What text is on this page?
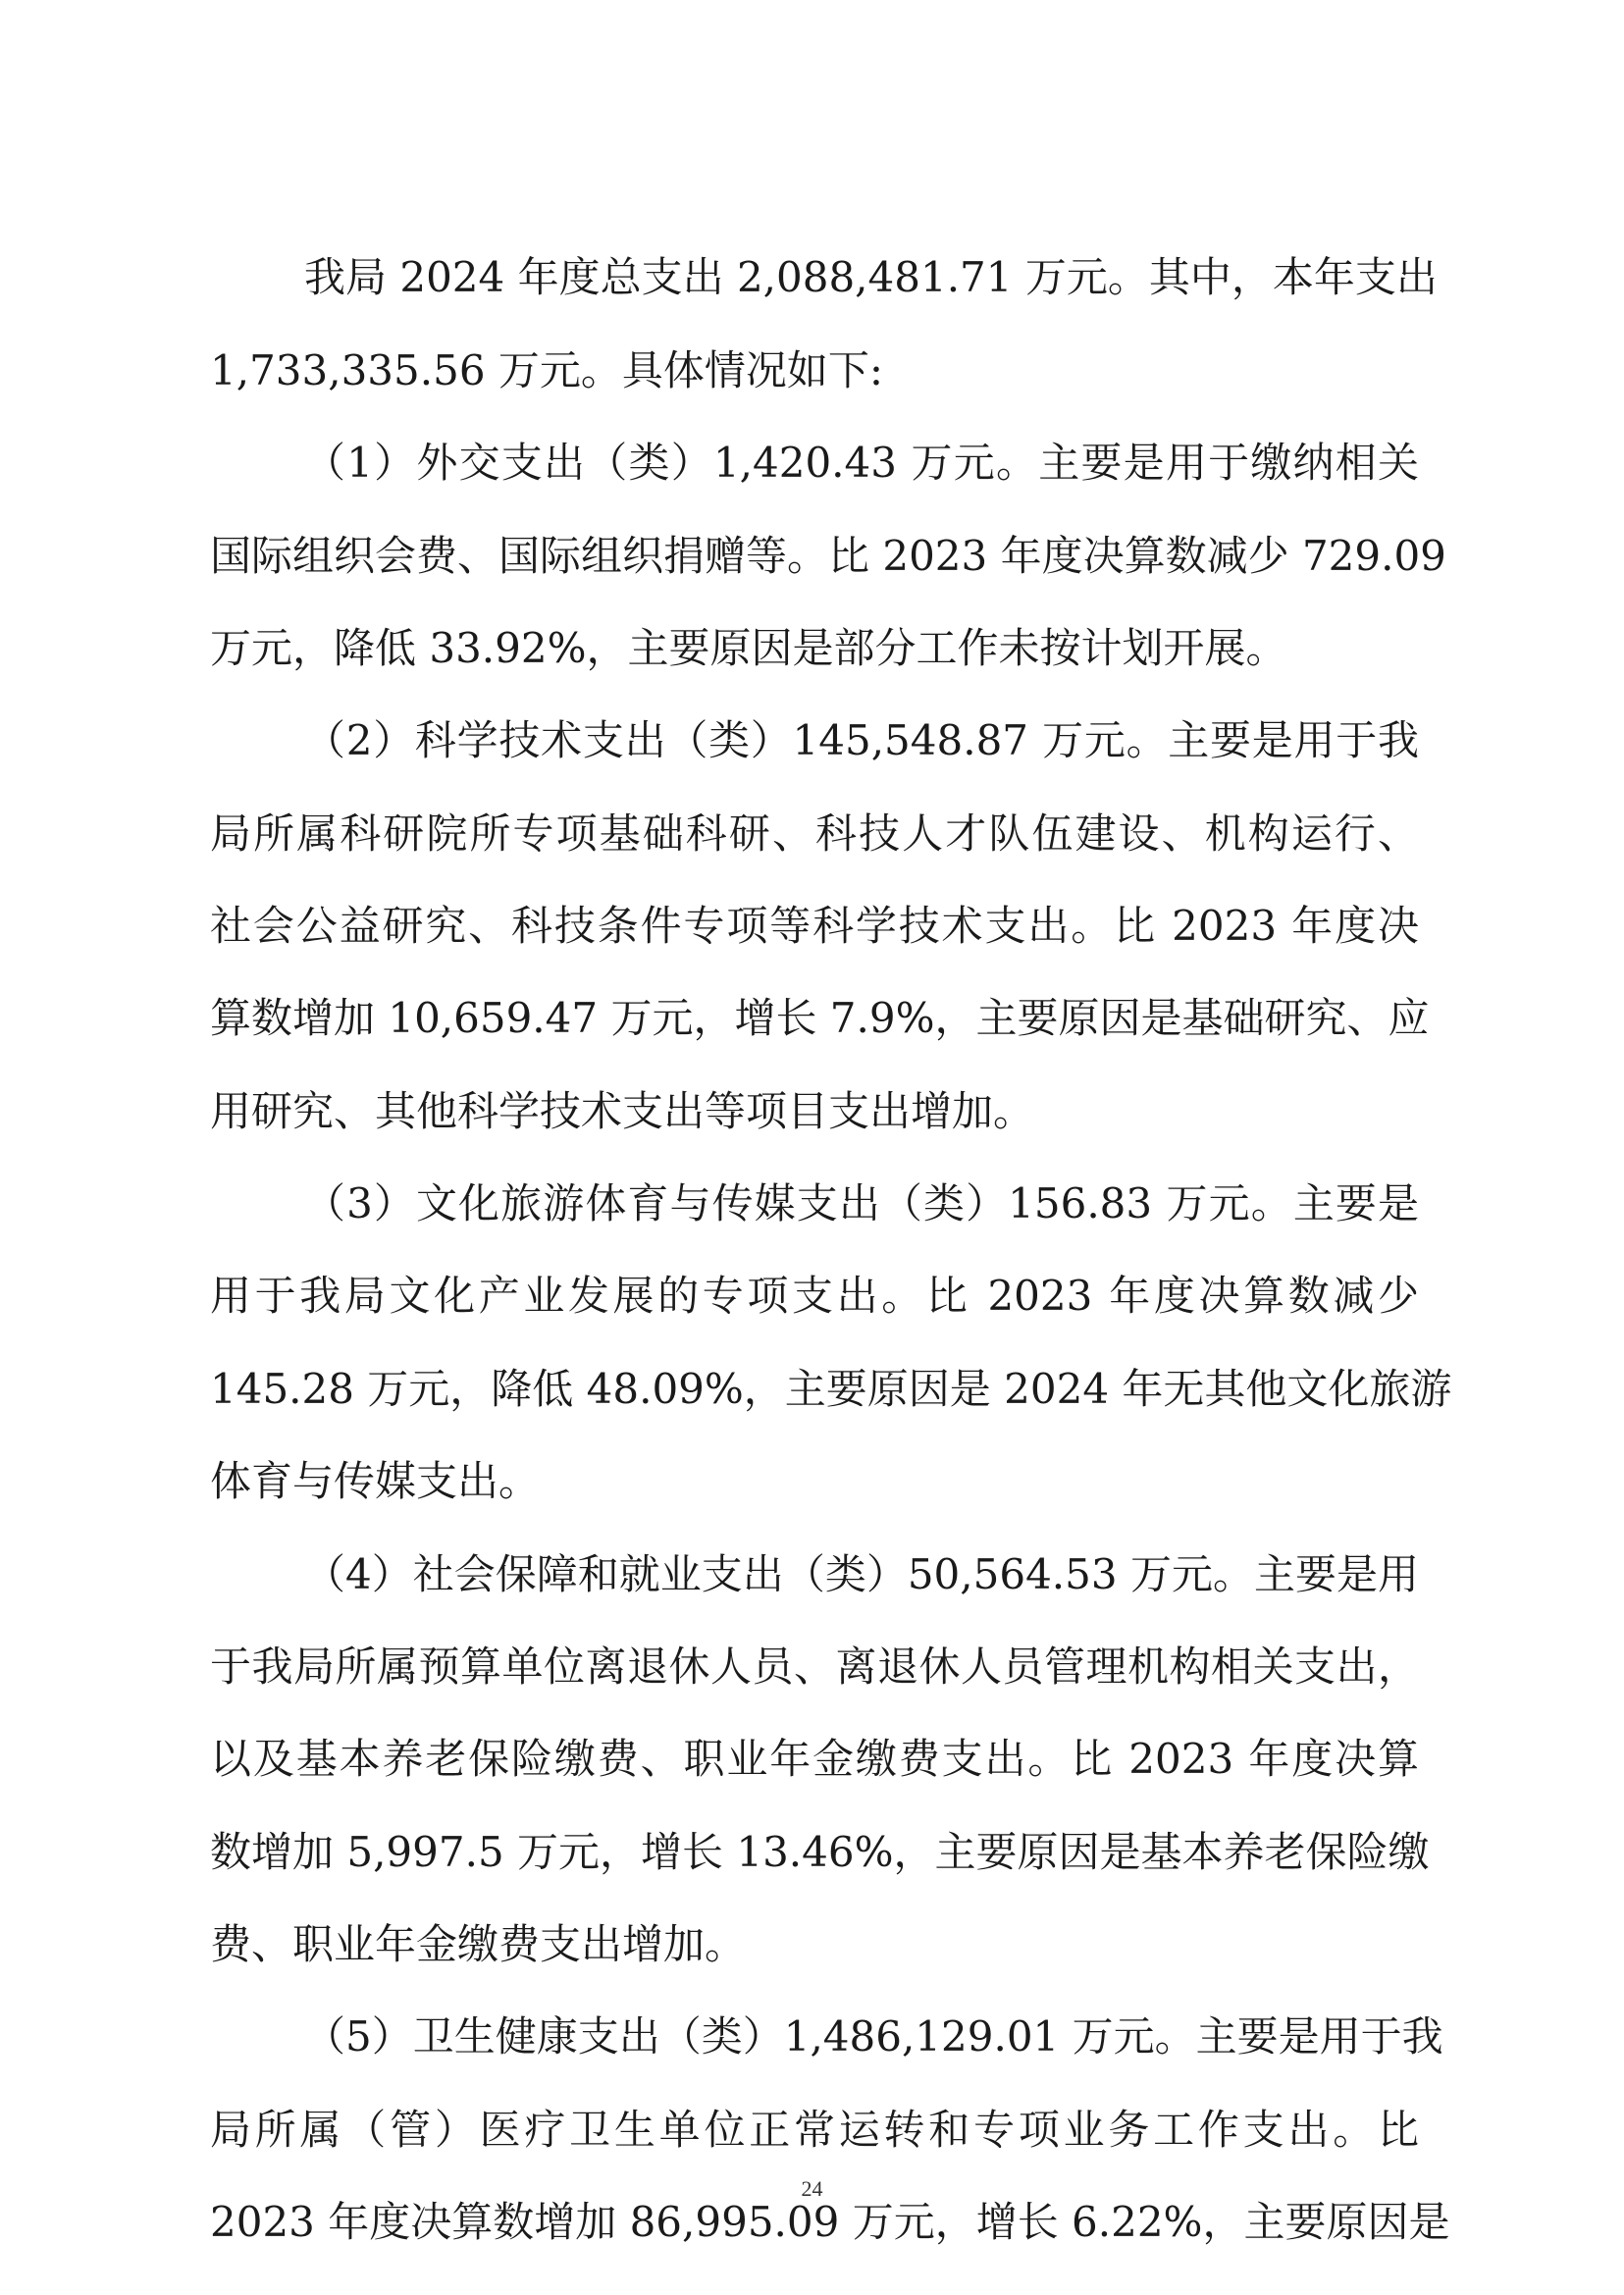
我局 2024 年度总支出 2,088,481.71 万元。其中，本年支出
1,733,335.56 万元。具体情况如下:
（1）外交支出（类）1,420.43 万元。主要是用于缴纳相关
国际组织会费、国际组织捐赠等。比 2023 年度决算数减少 729.09
万元，降低 33.92%，主要原因是部分工作未按计划开展。
（2）科学技术支出（类）145,548.87 万元。主要是用于我
局所属科研院所专项基础科研、科技人才队伍建设、机构运行、
社会公益研究、科技条件专项等科学技术支出。比 2023 年度决
算数增加 10,659.47 万元，增长 7.9%，主要原因是基础研究、应
用研究、其他科学技术支出等项目支出增加。
（3）文化旅游体育与传媒支出（类）156.83 万元。主要是
用于我局文化产业发展的专项支出。比 2023 年度决算数减少
145.28 万元，降低 48.09%，主要原因是 2024 年无其他文化旅游
体育与传媒支出。
（4）社会保障和就业支出（类）50,564.53 万元。主要是用
于我局所属预算单位离退休人员、离退休人员管理机构相关支出，
以及基本养老保险缴费、职业年金缴费支出。比 2023 年度决算
数增加 5,997.5 万元，增长 13.46%，主要原因是基本养老保险缴
费、职业年金缴费支出增加。
（5）卫生健康支出（类）1,486,129.01 万元。主要是用于我
局所属（管）医疗卫生单位正常运转和专项业务工作支出。比
2023 年度决算数增加 86,995.09 万元，增长 6.22%，主要原因是
24
